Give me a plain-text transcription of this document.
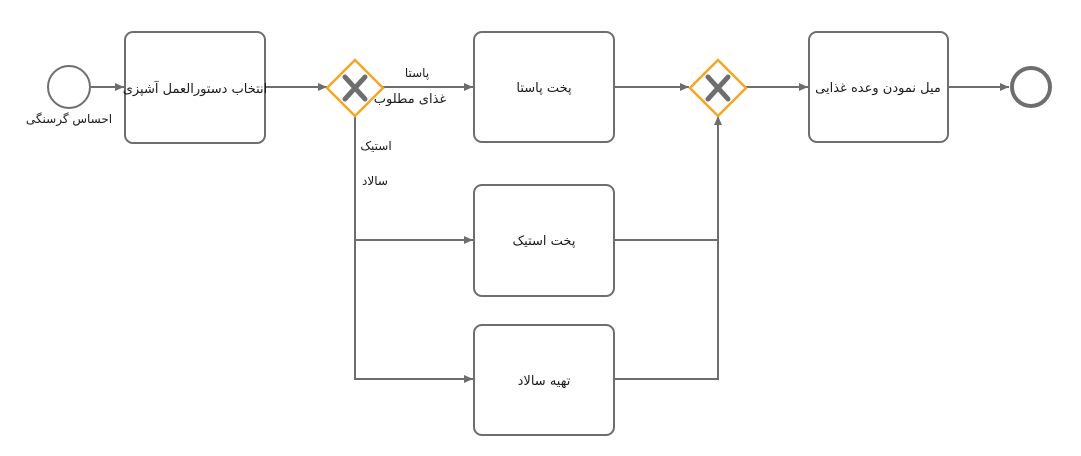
احساس گرسنگی
انتخاب دستورالعمل آشپزی
غذای مطلوب
پاستا
استیک
سالاد
پخت پاستا
پخت استیک
تهیه سالاد
میل نمودن وعده غذایی
